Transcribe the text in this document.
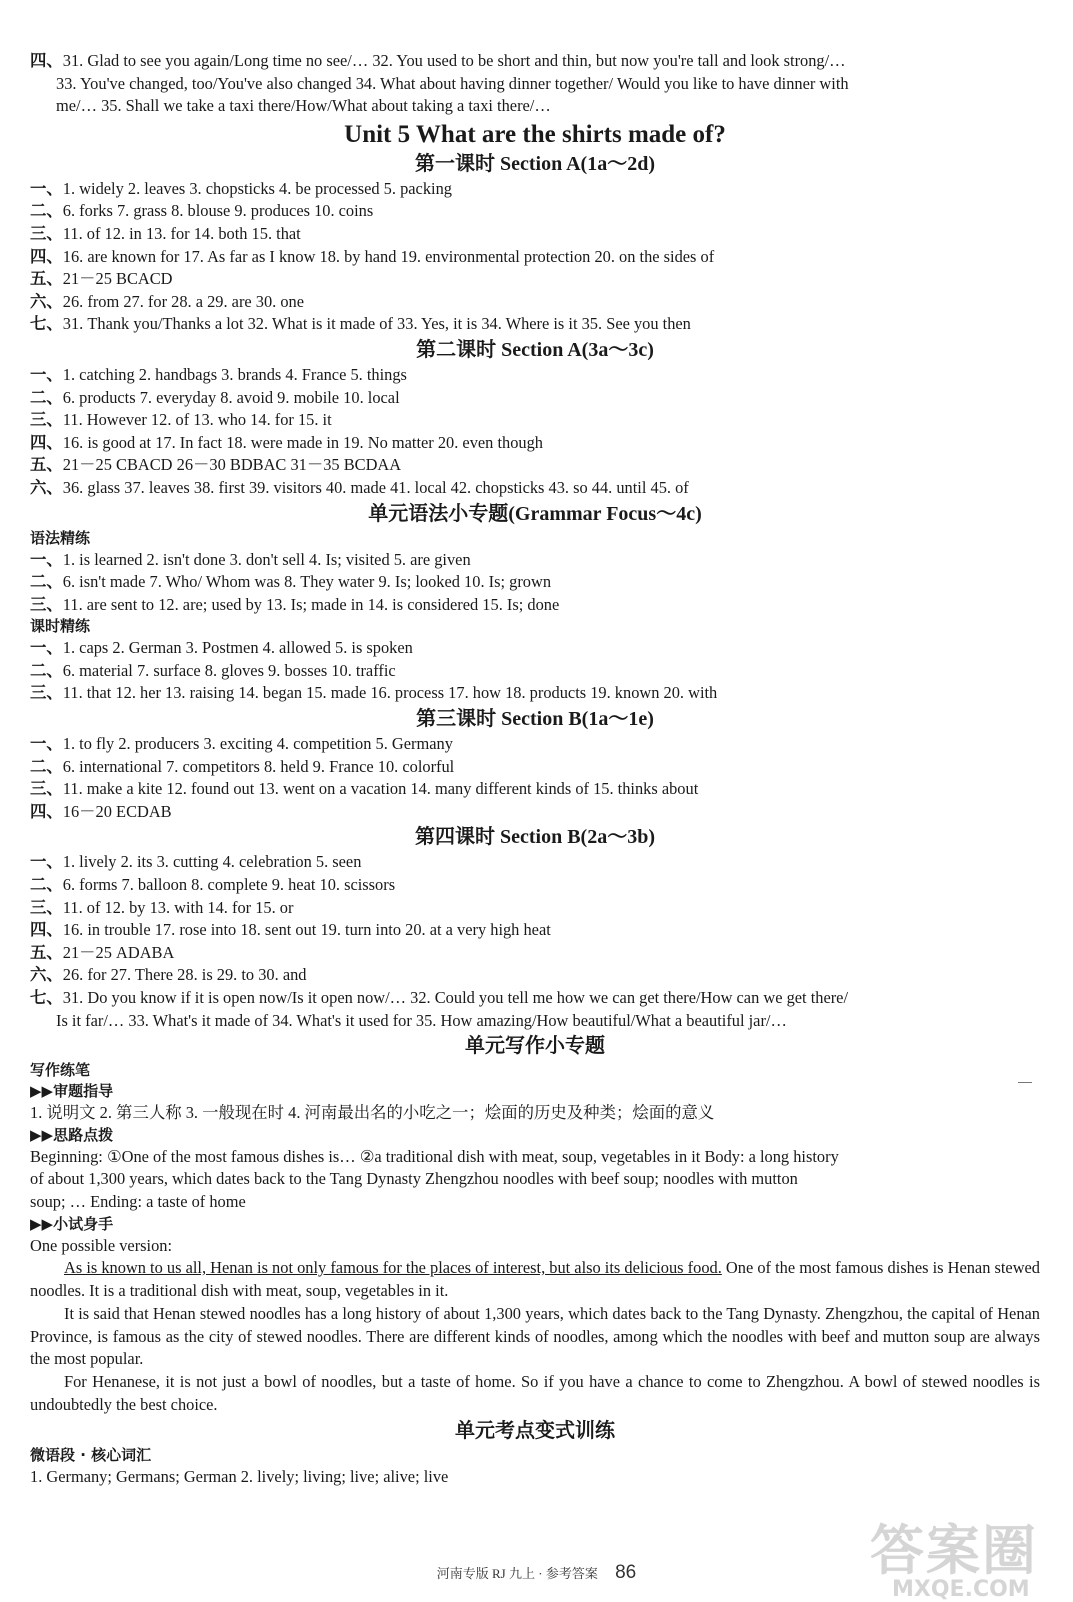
四、31. Glad to see you again/Long time no see/… 32. You used to be short and thin, but now you're tall and look strong/…
33. You've changed, too/You've also changed 34. What about having dinner together/ Would you like to have dinner with
me/… 35. Shall we take a taxi there/How/What about taking a taxi there/…
Unit 5 What are the shirts made of?
第一课时 Section A(1a～2d)
一、1. widely 2. leaves 3. chopsticks 4. be processed 5. packing
二、6. forks 7. grass 8. blouse 9. produces 10. coins
三、11. of 12. in 13. for 14. both 15. that
四、16. are known for 17. As far as I know 18. by hand 19. environmental protection 20. on the sides of
五、21－25 BCACD
六、26. from 27. for 28. a 29. are 30. one
七、31. Thank you/Thanks a lot 32. What is it made of 33. Yes, it is 34. Where is it 35. See you then
第二课时 Section A(3a～3c)
一、1. catching 2. handbags 3. brands 4. France 5. things
二、6. products 7. everyday 8. avoid 9. mobile 10. local
三、11. However 12. of 13. who 14. for 15. it
四、16. is good at 17. In fact 18. were made in 19. No matter 20. even though
五、21－25 CBACD 26－30 BDBAC 31－35 BCDAA
六、36. glass 37. leaves 38. first 39. visitors 40. made 41. local 42. chopsticks 43. so 44. until 45. of
单元语法小专题(Grammar Focus～4c)
语法精练
一、1. is learned 2. isn't done 3. don't sell 4. Is; visited 5. are given
二、6. isn't made 7. Who/ Whom was 8. They water 9. Is; looked 10. Is; grown
三、11. are sent to 12. are; used by 13. Is; made in 14. is considered 15. Is; done
课时精练
一、1. caps 2. German 3. Postmen 4. allowed 5. is spoken
二、6. material 7. surface 8. gloves 9. bosses 10. traffic
三、11. that 12. her 13. raising 14. began 15. made 16. process 17. how 18. products 19. known 20. with
第三课时 Section B(1a～1e)
一、1. to fly 2. producers 3. exciting 4. competition 5. Germany
二、6. international 7. competitors 8. held 9. France 10. colorful
三、11. make a kite 12. found out 13. went on a vacation 14. many different kinds of 15. thinks about
四、16－20 ECDAB
第四课时 Section B(2a～3b)
一、1. lively 2. its 3. cutting 4. celebration 5. seen
二、6. forms 7. balloon 8. complete 9. heat 10. scissors
三、11. of 12. by 13. with 14. for 15. or
四、16. in trouble 17. rose into 18. sent out 19. turn into 20. at a very high heat
五、21－25 ADABA
六、26. for 27. There 28. is 29. to 30. and
七、31. Do you know if it is open now/Is it open now/… 32. Could you tell me how we can get there/How can we get there/
Is it far/… 33. What's it made of 34. What's it used for 35. How amazing/How beautiful/What a beautiful jar/…
单元写作小专题
写作练笔
▶▶审题指导
1. 说明文 2. 第三人称 3. 一般现在时 4. 河南最出名的小吃之一；烩面的历史及种类；烩面的意义
▶▶思路点拨
Beginning: ①One of the most famous dishes is… ②a traditional dish with meat, soup, vegetables in it Body: a long history
of about 1,300 years, which dates back to the Tang Dynasty Zhengzhou noodles with beef soup; noodles with mutton
soup; … Ending: a taste of home
▶▶小试身手
One possible version:
As is known to us all, Henan is not only famous for the places of interest, but also its delicious food. One of the most famous dishes is Henan stewed noodles. It is a traditional dish with meat, soup, vegetables in it.
It is said that Henan stewed noodles has a long history of about 1,300 years, which dates back to the Tang Dynasty. Zhengzhou, the capital of Henan Province, is famous as the city of stewed noodles. There are different kinds of noodles, among which the noodles with beef and mutton soup are always the most popular.
For Henanese, it is not just a bowl of noodles, but a taste of home. So if you have a chance to come to Zhengzhou. A bowl of stewed noodles is undoubtedly the best choice.
单元考点变式训练
微语段 · 核心词汇
1. Germany; Germans; German 2. lively; living; live; alive; live
河南专版 RJ 九上 · 参考答案 86	答案圈
MXQE.COM
